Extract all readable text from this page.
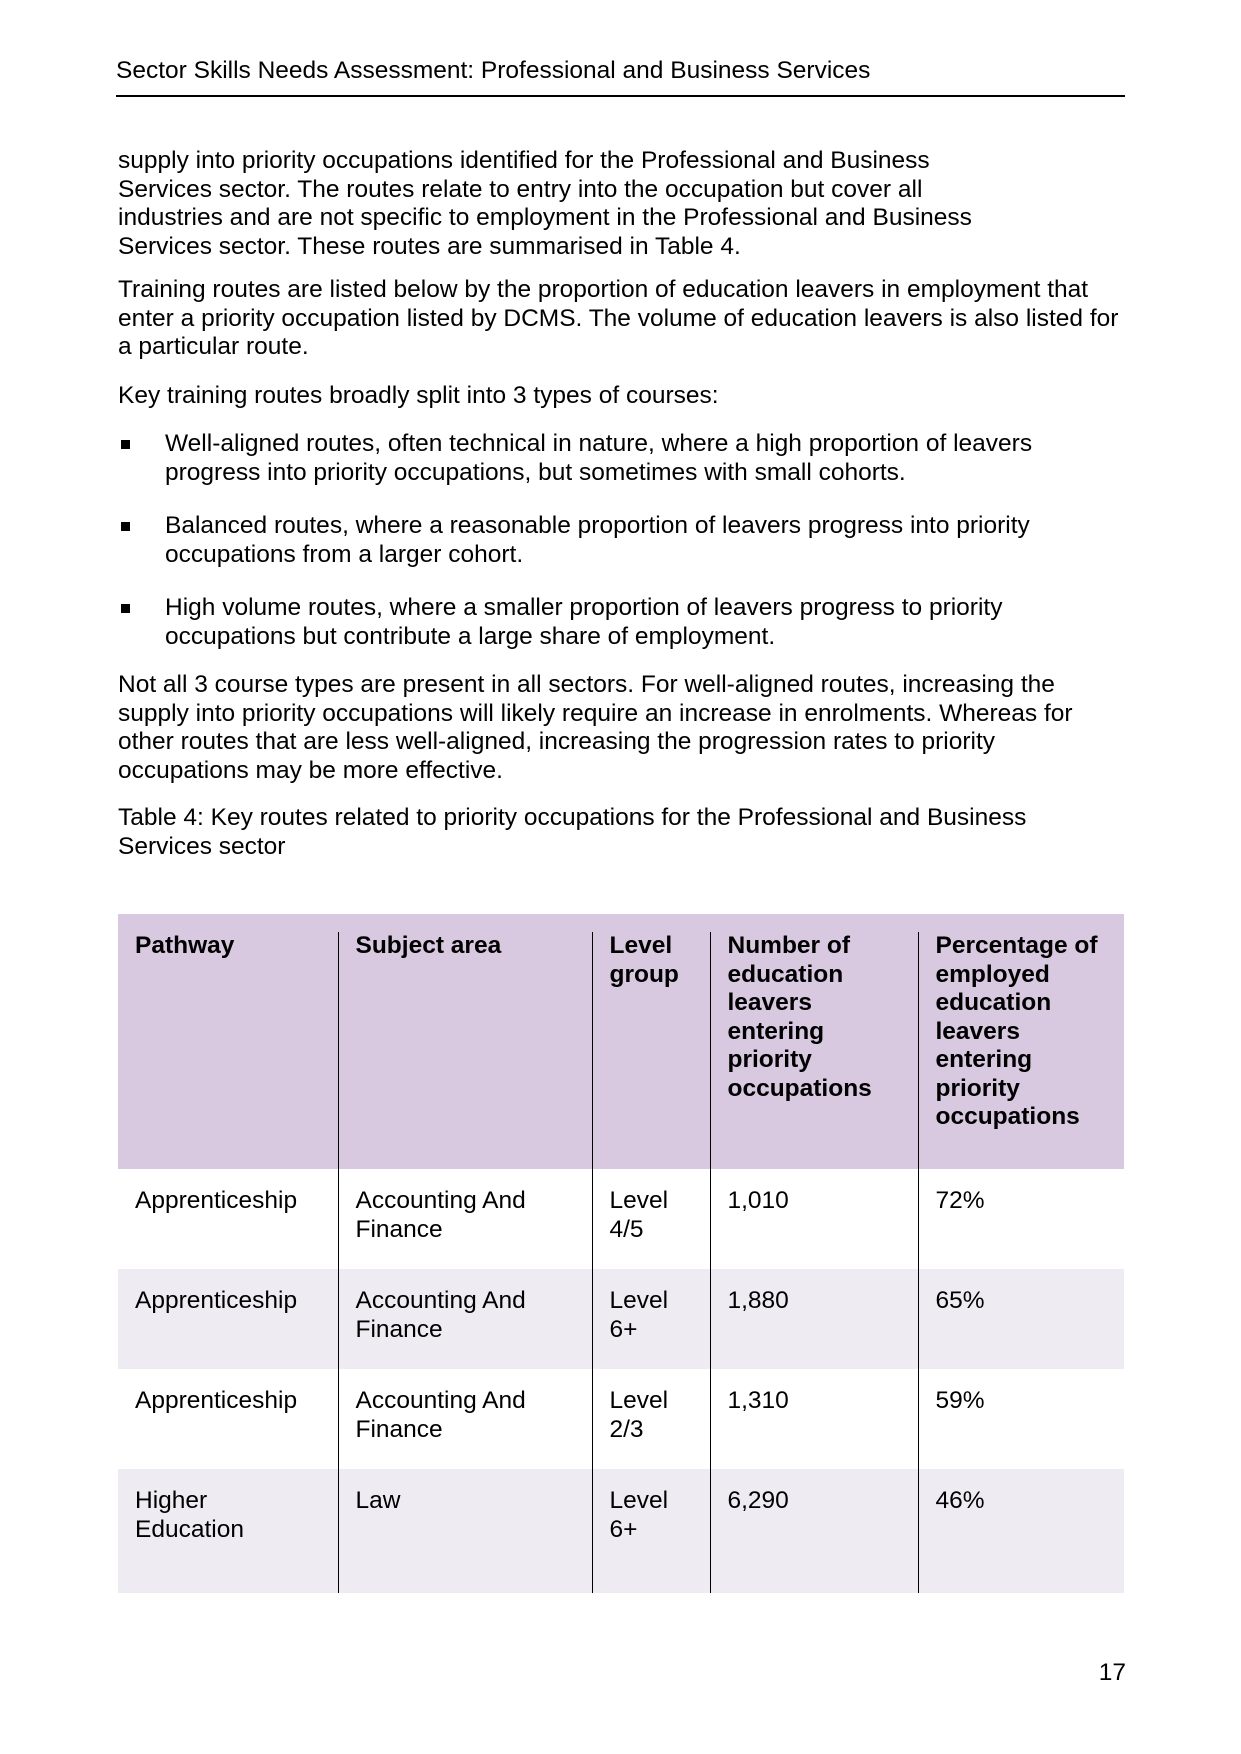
Sector Skills Needs Assessment: Professional and Business Services

supply into priority occupations identified for the Professional and Business Services sector. The routes relate to entry into the occupation but cover all industries and are not specific to employment in the Professional and Business Services sector. These routes are summarised in Table 4.

Training routes are listed below by the proportion of education leavers in employment that enter a priority occupation listed by DCMS. The volume of education leavers is also listed for a particular route.

Key training routes broadly split into 3 types of courses:

Well-aligned routes, often technical in nature, where a high proportion of leavers progress into priority occupations, but sometimes with small cohorts.
Balanced routes, where a reasonable proportion of leavers progress into priority occupations from a larger cohort.
High volume routes, where a smaller proportion of leavers progress to priority occupations but contribute a large share of employment.

Not all 3 course types are present in all sectors. For well-aligned routes, increasing the supply into priority occupations will likely require an increase in enrolments. Whereas for other routes that are less well-aligned, increasing the progression rates to priority occupations may be more effective.

Table 4: Key routes related to priority occupations for the Professional and Business Services sector

Pathway	Subject area	Level group	Number of education leavers entering priority occupations	Percentage of employed education leavers entering priority occupations
Apprenticeship	Accounting And Finance	Level 4/5	1,010	72%
Apprenticeship	Accounting And Finance	Level 6+	1,880	65%
Apprenticeship	Accounting And Finance	Level 2/3	1,310	59%
Higher Education	Law	Level 6+	6,290	46%
17
